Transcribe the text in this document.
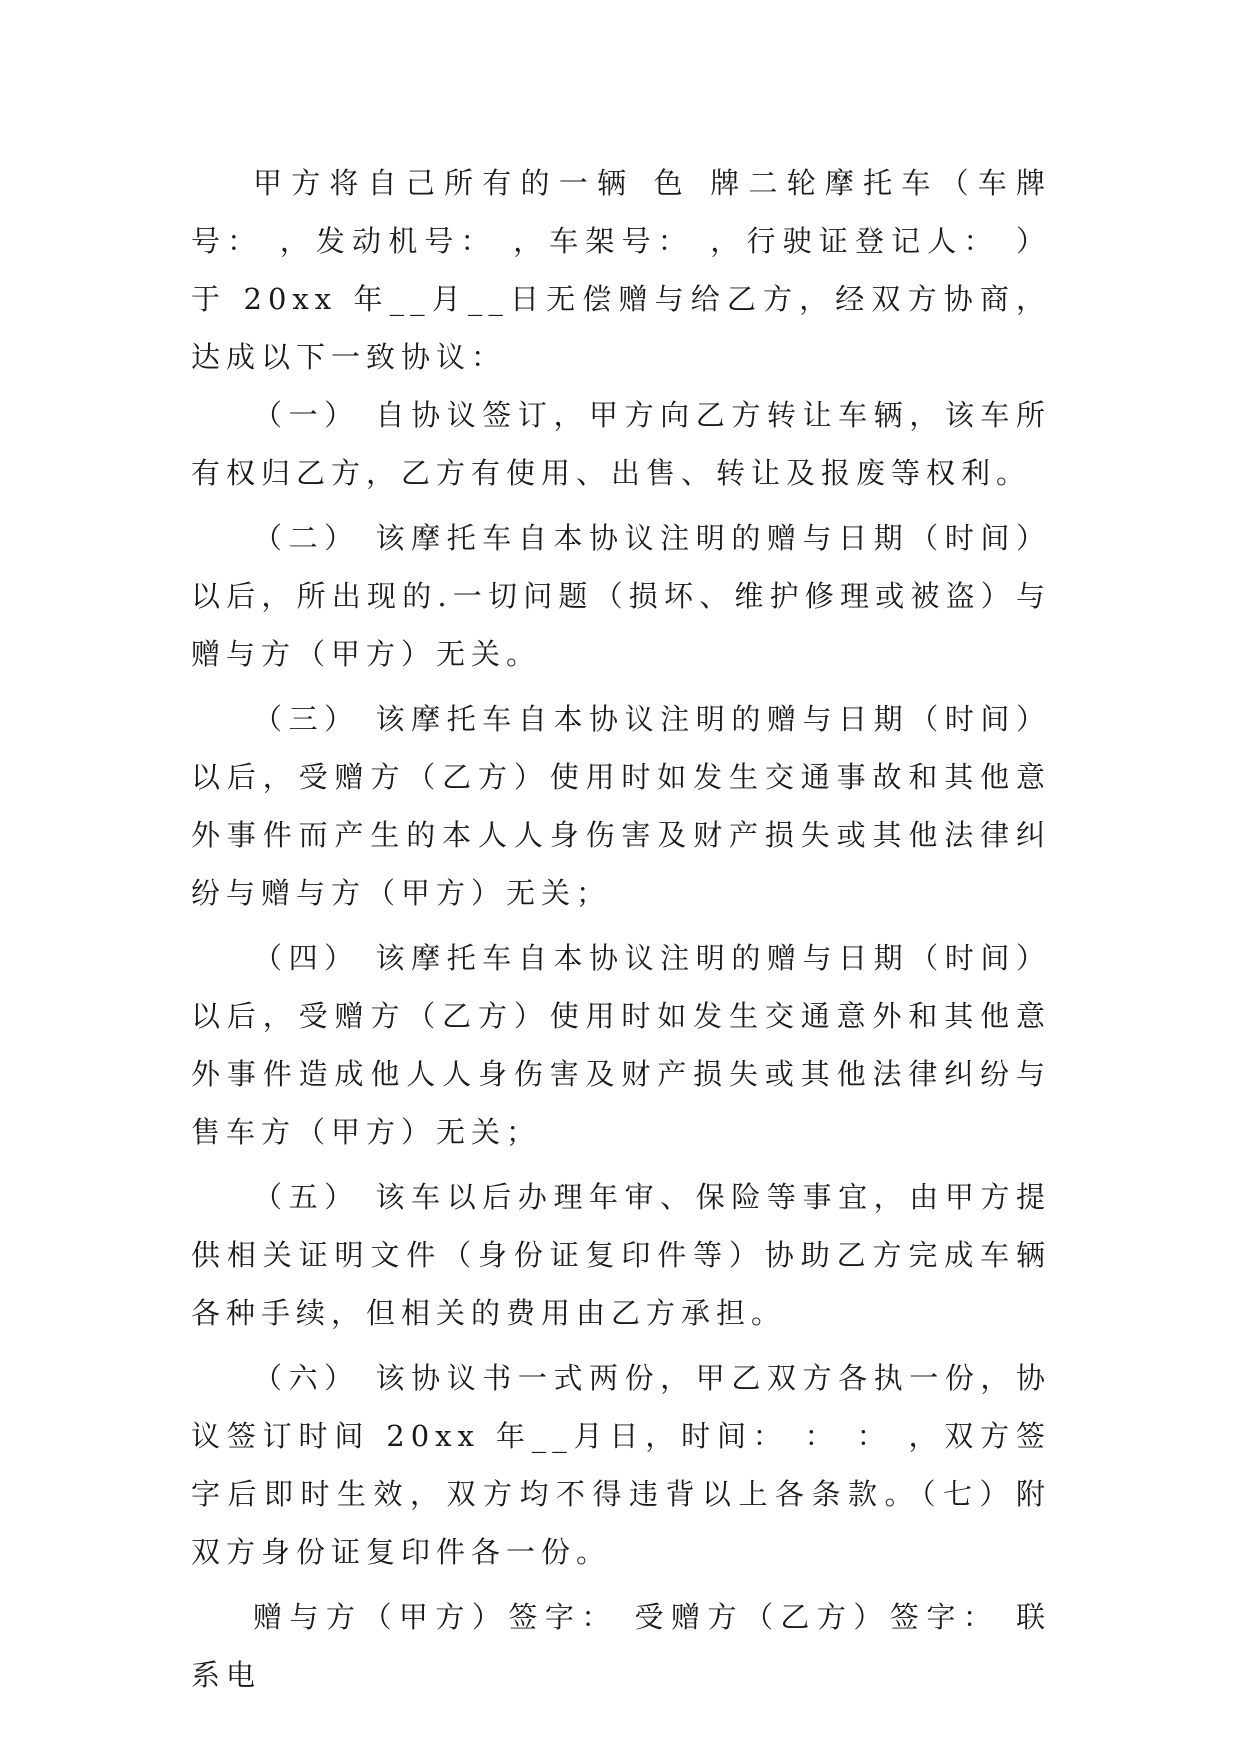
甲方将自己所有的一辆 色 牌二轮摩托车（车牌号： ，发动机号： ，车架号： ，行驶证登记人： ）于 20xx 年__月__日无偿赠与给乙方，经双方协商，达成以下一致协议：

（一） 自协议签订，甲方向乙方转让车辆，该车所有权归乙方，乙方有使用、出售、转让及报废等权利。

（二） 该摩托车自本协议注明的赠与日期（时间）以后，所出现的.一切问题（损坏、维护修理或被盗）与赠与方（甲方）无关。

（三） 该摩托车自本协议注明的赠与日期（时间）以后，受赠方（乙方）使用时如发生交通事故和其他意外事件而产生的本人人身伤害及财产损失或其他法律纠纷与赠与方（甲方）无关；

（四） 该摩托车自本协议注明的赠与日期（时间）以后，受赠方（乙方）使用时如发生交通意外和其他意外事件造成他人人身伤害及财产损失或其他法律纠纷与售车方（甲方）无关；

（五） 该车以后办理年审、保险等事宜，由甲方提供相关证明文件（身份证复印件等）协助乙方完成车辆各种手续，但相关的费用由乙方承担。

（六） 该协议书一式两份，甲乙双方各执一份，协议签订时间 20xx 年__月日，时间： ： ： ，双方签字后即时生效，双方均不得违背以上各条款。（七）附双方身份证复印件各一份。

赠与方（甲方）签字： 受赠方（乙方）签字： 联系电
